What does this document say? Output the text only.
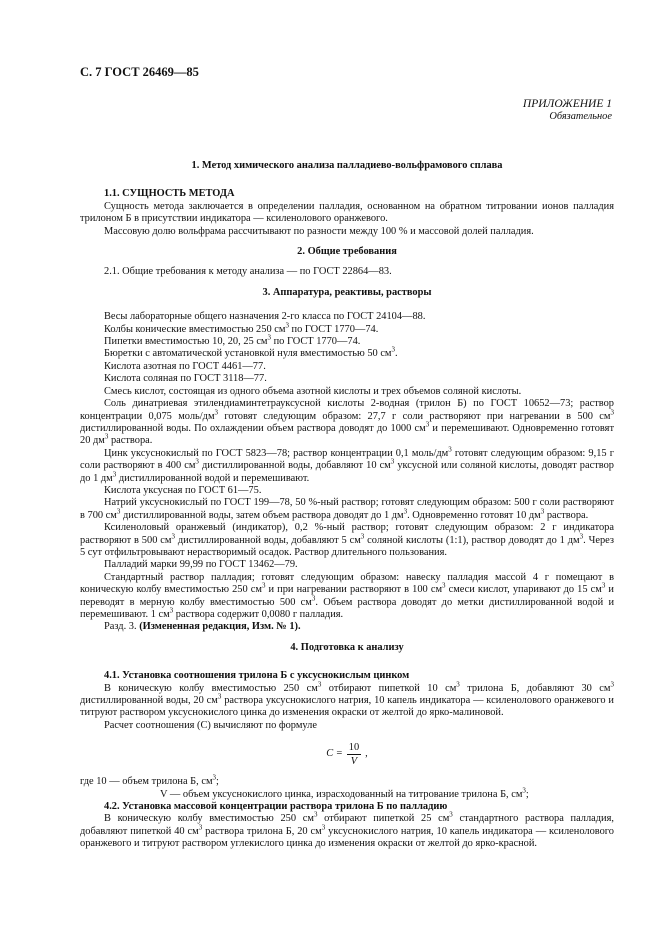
С. 7 ГОСТ 26469—85
ПРИЛОЖЕНИЕ 1
Обязательное
1. Метод химического анализа палладиево-вольфрамового сплава
1.1. СУЩНОСТЬ МЕТОДА

Сущность метода заключается в определении палладия, основанном на обратном титровании ионов палладия трилоном Б в присутствии индикатора — ксиленолового оранжевого.

Массовую долю вольфрама рассчитывают по разности между 100 % и массовой долей палладия.

2. Общие требования

2.1. Общие требования к методу анализа — по ГОСТ 22864—83.

3. Аппаратура, реактивы, растворы

Весы лабораторные общего назначения 2-го класса по ГОСТ 24104—88.

Колбы конические вместимостью 250 $см^3$ по ГОСТ 1770—74.

Пипетки вместимостью 10, 20, 25 $см^3$ по ГОСТ 1770—74.

Бюретки с автоматической установкой нуля вместимостью 50 $см^3$.

Кислота азотная по ГОСТ 4461—77.

Кислота соляная по ГОСТ 3118—77.

Смесь кислот, состоящая из одного объема азотной кислоты и трех объемов соляной кислоты.

Соль динатриевая этилендиаминтетрауксусной кислоты 2-водная (трилон Б) по ГОСТ 10652—73; раствор концентрации 0,075 моль/$дм^3$ готовят следующим образом: 27,7 г соли растворяют при нагревании в 500 $см^3$ дистиллированной воды. По охлаждении объем раствора доводят до 1000 $см^3$ и перемешивают. Одновременно готовят 20 $дм^3$ раствора.

Цинк уксуснокислый по ГОСТ 5823—78; раствор концентрации 0,1 моль/$дм^3$ готовят следующим образом: 9,15 г соли растворяют в 400 $см^3$ дистиллированной воды, добавляют 10 $см^3$ уксусной или соляной кислоты, доводят раствор до 1 $дм^3$ дистиллированной водой и перемешивают.

Кислота уксусная по ГОСТ 61—75.

Натрий уксуснокислый по ГОСТ 199—78, 50 %-ный раствор; готовят следующим образом: 500 г соли растворяют в 700 $см^3$ дистиллированной воды, затем объем раствора доводят до 1 $дм^3$. Одновременно готовят 10 $дм^3$ раствора.

Ксиленоловый оранжевый (индикатор), 0,2 %-ный раствор; готовят следующим образом: 2 г индикатора растворяют в 500 $см^3$ дистиллированной воды, добавляют 5 $см^3$ соляной кислоты (1:1), раствор доводят до 1 $дм^3$. Через 5 сут отфильтровывают нерастворимый осадок. Раствор длительного пользования.

Палладий марки 99,99 по ГОСТ 13462—79.

Стандартный раствор палладия; готовят следующим образом: навеску палладия массой 4 г помещают в коническую колбу вместимостью 250 $см^3$ и при нагревании растворяют в 100 $см^3$ смеси кислот, упаривают до 15 $см^3$ и переводят в мерную колбу вместимостью 500 $см^3$. Объем раствора доводят до метки дистиллированной водой и перемешивают. 1 $см^3$ раствора содержит 0,0080 г палладия.

Разд. 3. (Измененная редакция, Изм. № 1).

4. Подготовка к анализу
4.1. Установка соотношения трилона Б с уксуснокислым цинком

В коническую колбу вместимостью 250 $см^3$ отбирают пипеткой 10 $см^3$ трилона Б, добавляют 30 $см^3$ дистиллированной воды, 20 $см^3$ раствора уксуснокислого натрия, 10 капель индикатора — ксиленолового оранжевого и титруют раствором уксуснокислого цинка до изменения окраски от желтой до ярко-малиновой.

Расчет соотношения (C) вычисляют по формуле

$C = \frac{10}{V}$ ,

где 10 — объем трилона Б, $см^3$;

V — объем уксуснокислого цинка, израсходованный на титрование трилона Б, $см^3$;

4.2. Установка массовой концентрации раствора трилона Б по палладию

В коническую колбу вместимостью 250 $см^3$ отбирают пипеткой 25 $см^3$ стандартного раствора палладия, добавляют пипеткой 40 $см^3$ раствора трилона Б, 20 $см^3$ уксуснокислого натрия, 10 капель индикатора — ксиленолового оранжевого и титруют раствором углекислого цинка до изменения окраски от желтой до ярко-красной.
